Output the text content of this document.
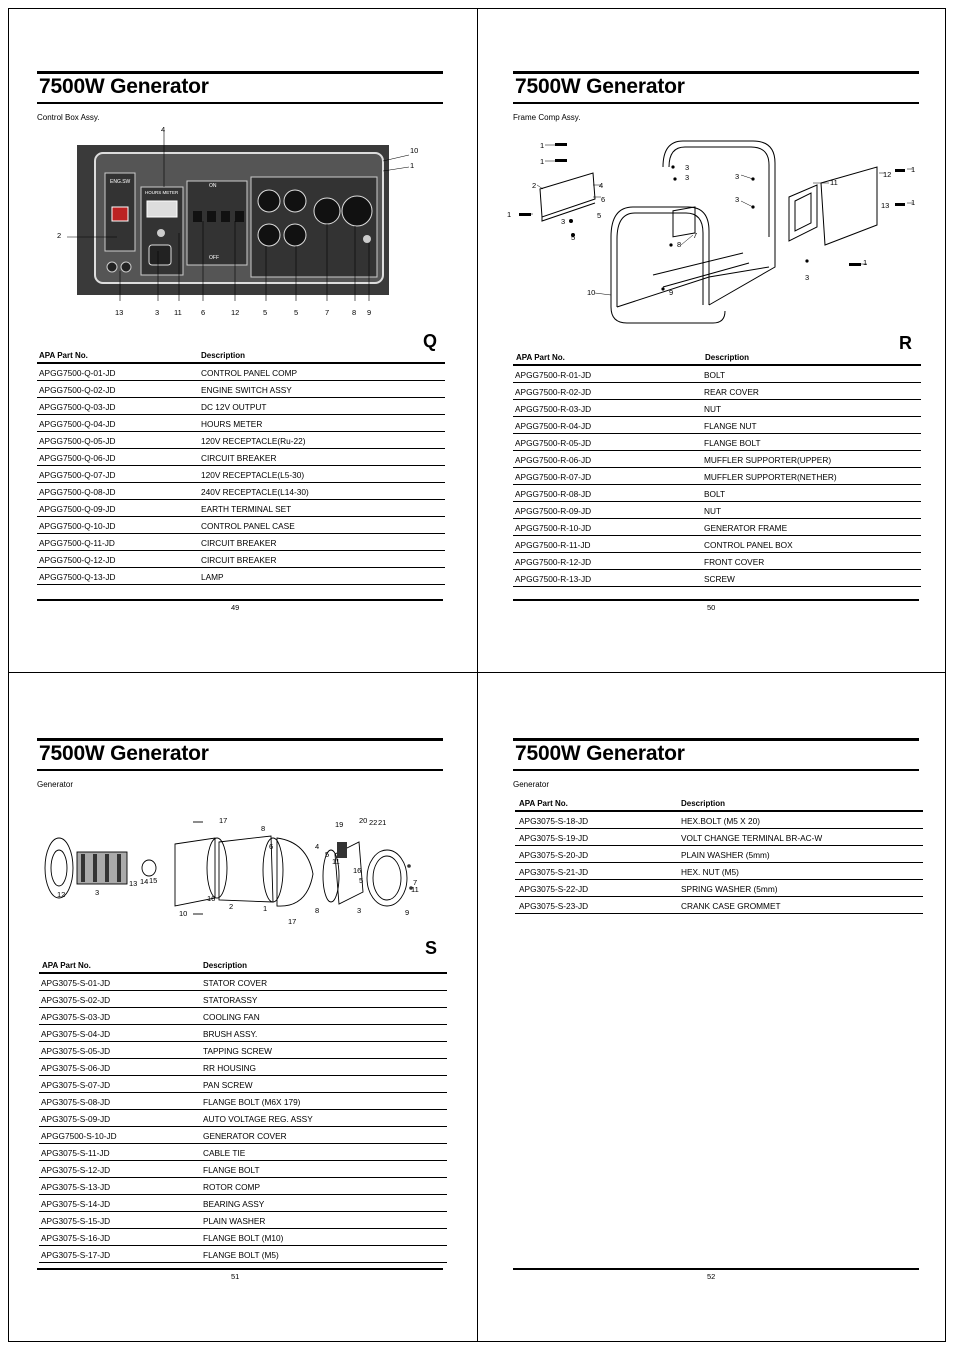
7500W Generator
Control Box Assy.
ENG.SW
HOURS METER
ON
OFF
4
10
1
2
13	3 11	6	12	5	5	7	8 9
Q
APA Part No.	Description
APGG7500-Q-01-JD	CONTROL PANEL COMP
APGG7500-Q-02-JD	ENGINE SWITCH ASSY
APGG7500-Q-03-JD	DC 12V OUTPUT
APGG7500-Q-04-JD	HOURS METER
APGG7500-Q-05-JD	120V RECEPTACLE(Ru-22)
APGG7500-Q-06-JD	CIRCUIT BREAKER
APGG7500-Q-07-JD	120V RECEPTACLE(L5-30)
APGG7500-Q-08-JD	240V RECEPTACLE(L14-30)
APGG7500-Q-09-JD	EARTH TERMINAL SET
APGG7500-Q-10-JD	CONTROL PANEL CASE
APGG7500-Q-11-JD	CIRCUIT BREAKER
APGG7500-Q-12-JD	CIRCUIT BREAKER
APGG7500-Q-13-JD	LAMP
49
7500W Generator
Frame Comp Assy.
R
APA Part No.	Description
APGG7500-R-01-JD	BOLT
APGG7500-R-02-JD	REAR COVER
APGG7500-R-03-JD	NUT
APGG7500-R-04-JD	FLANGE NUT
APGG7500-R-05-JD	FLANGE BOLT
APGG7500-R-06-JD	MUFFLER SUPPORTER(UPPER)
APGG7500-R-07-JD	MUFFLER SUPPORTER(NETHER)
APGG7500-R-08-JD	BOLT
APGG7500-R-09-JD	NUT
APGG7500-R-10-JD	GENERATOR FRAME
APGG7500-R-11-JD	CONTROL PANEL BOX
APGG7500-R-12-JD	FRONT COVER
APGG7500-R-13-JD	SCREW
50
1
1
2
1
4
6
5
3
5
3
3
8
7
10	9
3
3
11
12
1
13	1
3
1
7500W Generator
Generator
S
APA Part No.	Description
APG3075-S-01-JD	STATOR COVER
APG3075-S-02-JD	STATORASSY
APG3075-S-03-JD	COOLING FAN
APG3075-S-04-JD	BRUSH ASSY.
APG3075-S-05-JD	TAPPING SCREW
APG3075-S-06-JD	RR HOUSING
APG3075-S-07-JD	PAN SCREW
APG3075-S-08-JD	FLANGE BOLT (M6X 179)
APG3075-S-09-JD	AUTO VOLTAGE REG. ASSY
APGG7500-S-10-JD	GENERATOR COVER
APG3075-S-11-JD	CABLE TIE
APG3075-S-12-JD	FLANGE BOLT
APG3075-S-13-JD	ROTOR COMP
APG3075-S-14-JD	BEARING ASSY
APG3075-S-15-JD	PLAIN WASHER
APG3075-S-16-JD	FLANGE BOLT (M10)
APG3075-S-17-JD	FLANGE BOLT (M5)
51
17
8	19 20 22 21
4
5
11
16
5	7
11
12	3
13 14 15
16
2	1	8	3	9
10
17
6
7500W Generator
Generator
APA Part No.	Description
APG3075-S-18-JD	HEX.BOLT (M5 X 20)
APG3075-S-19-JD	VOLT CHANGE TERMINAL BR-AC-W
APG3075-S-20-JD	PLAIN WASHER (5mm)
APG3075-S-21-JD	HEX. NUT (M5)
APG3075-S-22-JD	SPRING WASHER (5mm)
APG3075-S-23-JD	CRANK CASE GROMMET
52
